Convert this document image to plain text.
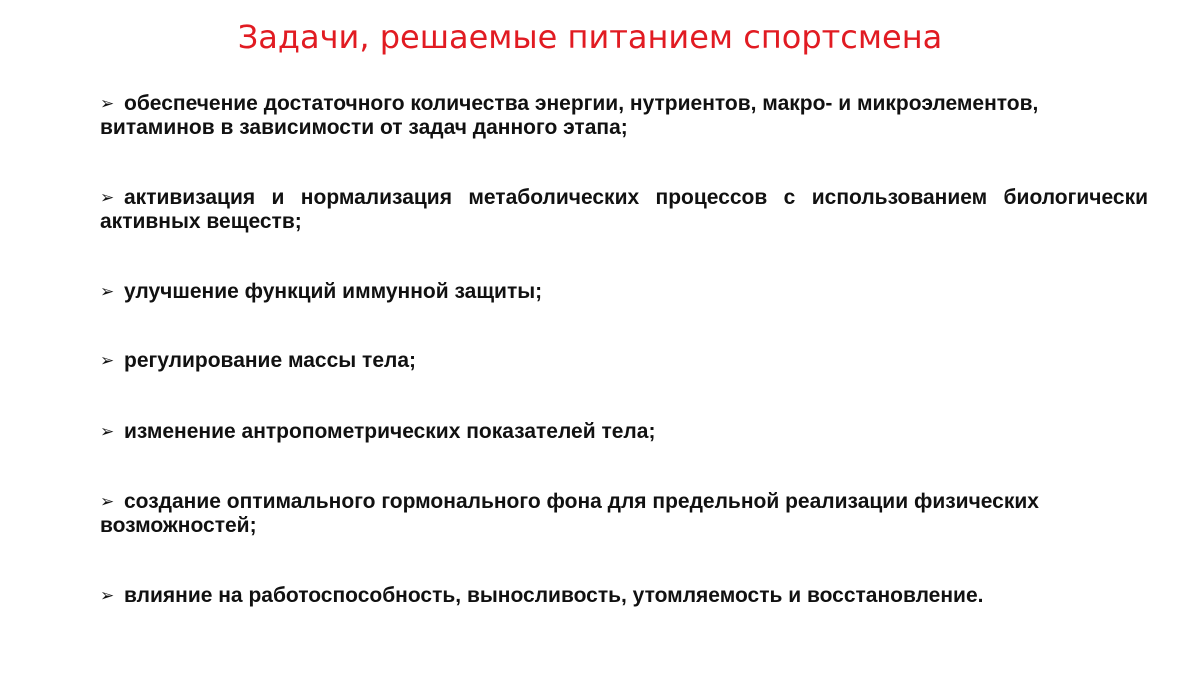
Задачи, решаемые питанием спортсмена
➢ обеспечение достаточного количества энергии, нутриентов, макро- и микроэлементов, витаминов в зависимости от задач данного этапа;
➢ активизация и нормализация метаболических процессов с использованием биологически активных веществ;
➢ улучшение функций иммунной защиты;
➢ регулирование массы тела;
➢ изменение антропометрических показателей тела;
➢ создание оптимального гормонального фона для предельной реализации физических возможностей;
➢ влияние на работоспособность, выносливость, утомляемость и восстановление.
